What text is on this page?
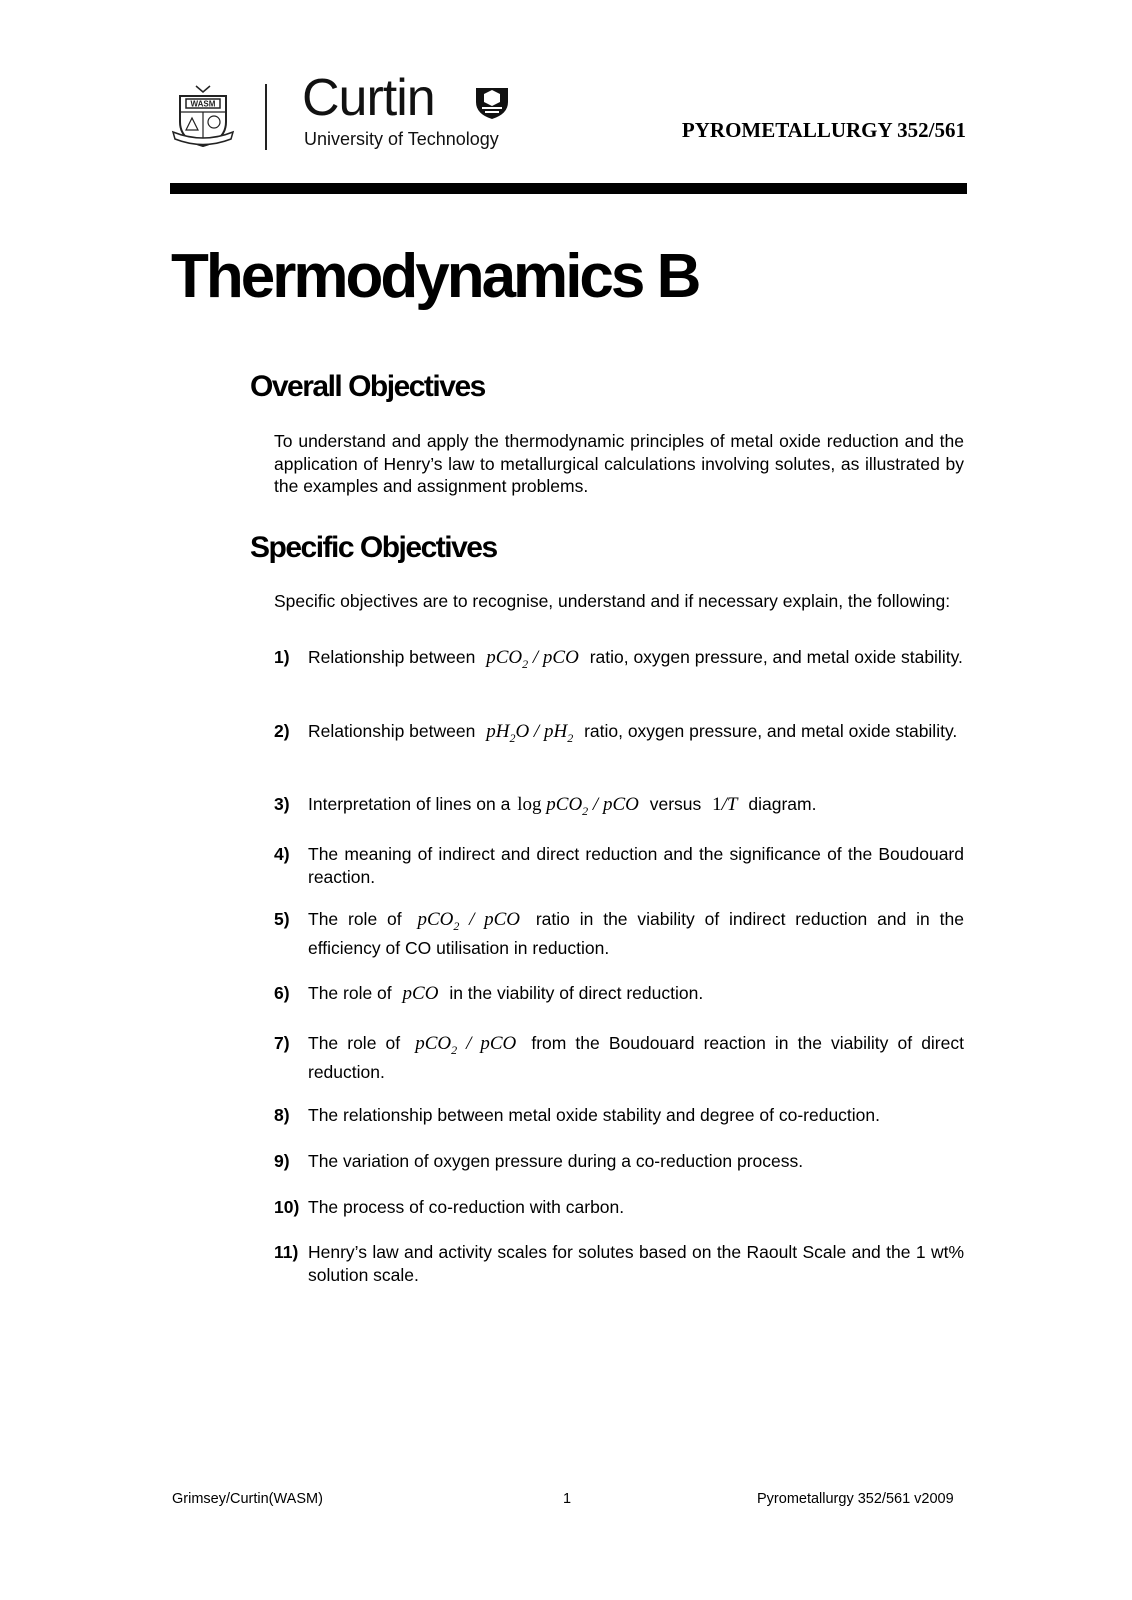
WASM Curtin
University of Technology	PYROMETALLURGY 352/561
Thermodynamics B
Overall Objectives

To understand and apply the thermodynamic principles of metal oxide reduction and the application of Henry’s law to metallurgical calculations involving solutes, as illustrated by the examples and assignment problems.

Specific Objectives

Specific objectives are to recognise, understand and if necessary explain, the following:

1) Relationship between pCO$_2$ / pCO ratio, oxygen pressure, and metal oxide stability.
2) Relationship between $pH_2O / pH_2$ ratio, oxygen pressure, and metal oxide stability.
3) Interpretation of lines on a log pCO$_2$ / pCO versus 1/T diagram.
4) The meaning of indirect and direct reduction and the significance of the Boudouard reaction.
5) The role of pCO$_2$ / pCO ratio in the viability of indirect reduction and in the efficiency of CO utilisation in reduction.
6) The role of pCO in the viability of direct reduction.
7) The role of pCO$_2$ / pCO from the Boudouard reaction in the viability of direct reduction.
8) The relationship between metal oxide stability and degree of co-reduction.
9) The variation of oxygen pressure during a co-reduction process.
10) The process of co-reduction with carbon.
11) Henry’s law and activity scales for solutes based on the Raoult Scale and the 1 wt% solution scale.
Grimsey/Curtin(WASM)	1	Pyrometallurgy 352/561 v2009
